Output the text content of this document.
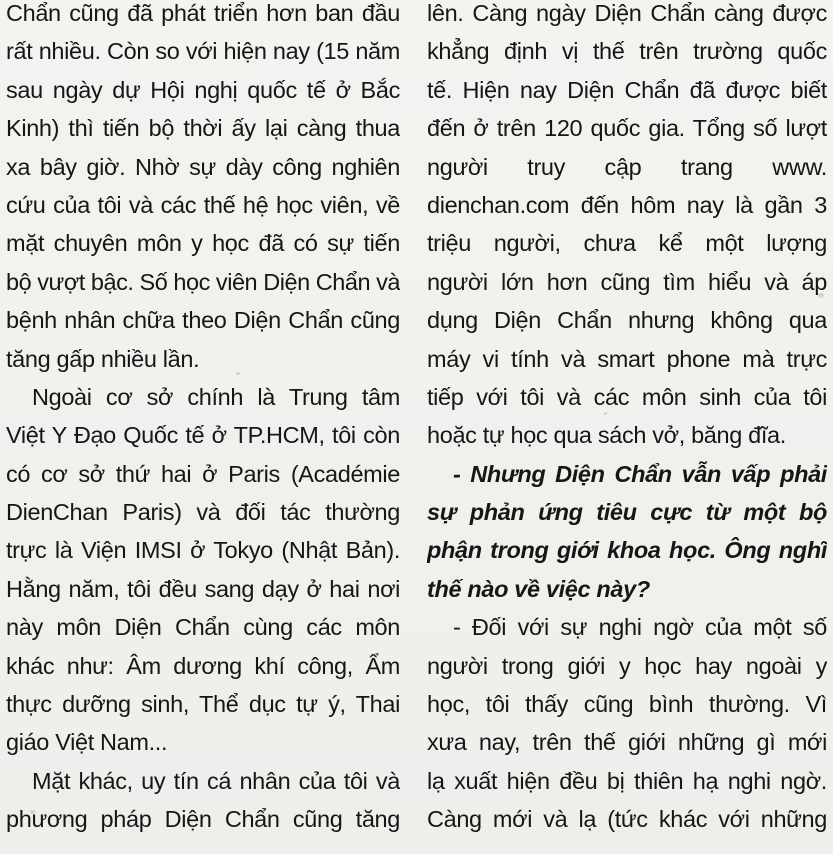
Chẩn cũng đã phát triển hơn ban đầu
rất nhiều. Còn so với hiện nay (15 năm
sau ngày dự Hội nghị quốc tế ở Bắc
Kinh) thì tiến bộ thời ấy lại càng thua
xa bây giờ. Nhờ sự dày công nghiên
cứu của tôi và các thế hệ học viên, về
mặt chuyên môn y học đã có sự tiến
bộ vượt bậc. Số học viên Diện Chẩn và
bệnh nhân chữa theo Diện Chẩn cũng
tăng gấp nhiều lần.
Ngoài cơ sở chính là Trung tâm
Việt Y Đạo Quốc tế ở TP.HCM, tôi còn
có cơ sở thứ hai ở Paris (Académie
DienChan Paris) và đối tác thường
trực là Viện IMSI ở Tokyo (Nhật Bản).
Hằng năm, tôi đều sang dạy ở hai nơi
này môn Diện Chẩn cùng các môn
khác như: Âm dương khí công, Ẩm
thực dưỡng sinh, Thể dục tự ý, Thai
giáo Việt Nam...
Mặt khác, uy tín cá nhân của tôi và
phương pháp Diện Chẩn cũng tăng
lên. Càng ngày Diện Chẩn càng được
khẳng định vị thế trên trường quốc
tế. Hiện nay Diện Chẩn đã được biết
đến ở trên 120 quốc gia. Tổng số lượt
người truy cập trang www.
dienchan.com đến hôm nay là gần 3
triệu người, chưa kể một lượng
người lớn hơn cũng tìm hiểu và áp
dụng Diện Chẩn nhưng không qua
máy vi tính và smart phone mà trực
tiếp với tôi và các môn sinh của tôi
hoặc tự học qua sách vở, băng đĩa.
- Nhưng Diện Chẩn vẫn vấp phải
sự phản ứng tiêu cực từ một bộ
phận trong giới khoa học. Ông nghĩ
thế nào về việc này?
- Đối với sự nghi ngờ của một số
người trong giới y học hay ngoài y
học, tôi thấy cũng bình thường. Vì
xưa nay, trên thế giới những gì mới
lạ xuất hiện đều bị thiên hạ nghi ngờ.
Càng mới và lạ (tức khác với những
